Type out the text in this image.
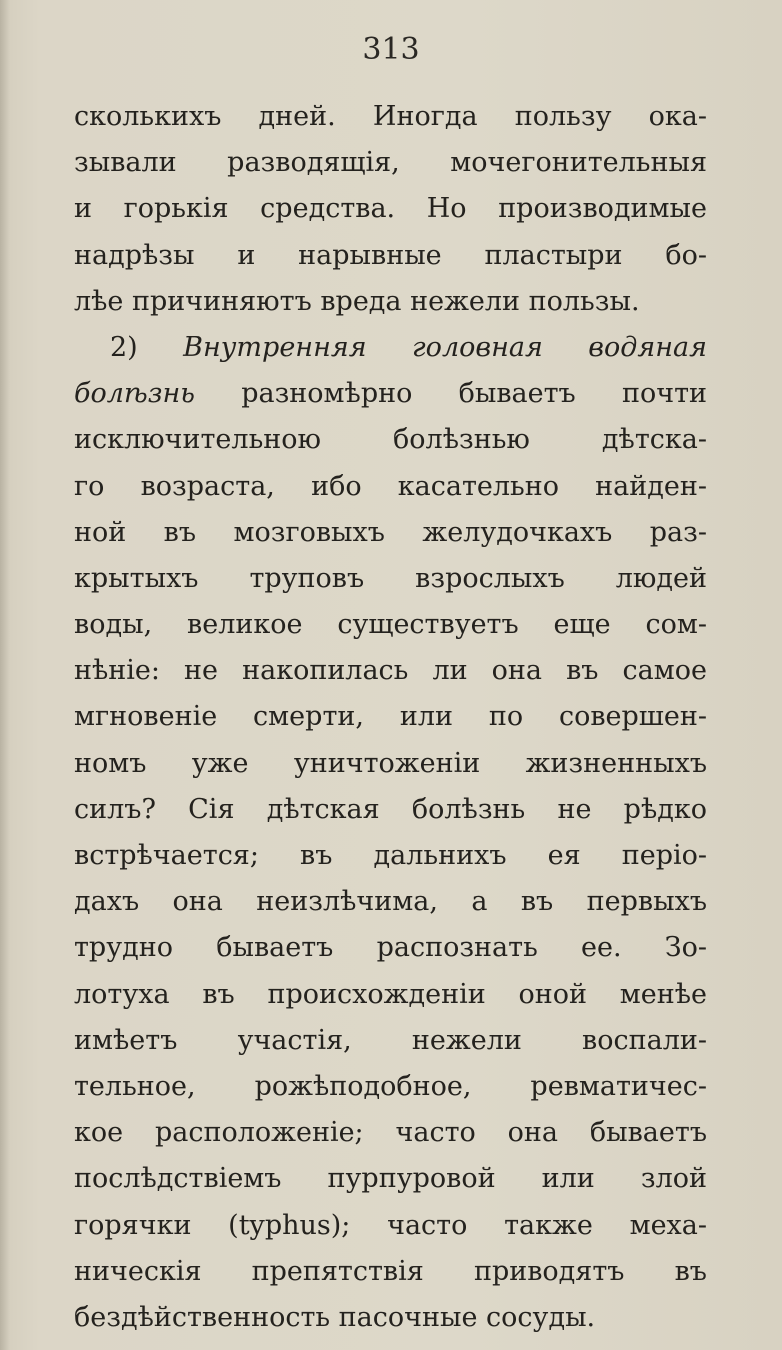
313
сколькихъ дней. Иногда пользу ока-
зывали разводящія, мочегонительныя
и горькія средства. Но производимые
надрѣзы и нарывные пластыри бо-
лѣе причиняютъ вреда нежели пользы.
2) Внутренняя головная водяная
болѣзнь разномѣрно бываетъ почти
исключительною болѣзнью дѣтска-
го возраста, ибо касательно найден-
ной въ мозговыхъ желудочкахъ раз-
крытыхъ труповъ взрослыхъ людей
воды, великое существуетъ еще сом-
нѣніе: не накопилась ли она въ самое
мгновеніе смерти, или по совершен-
номъ уже уничтоженіи жизненныхъ
силъ? Сія дѣтская болѣзнь не рѣдко
встрѣчается; въ дальнихъ ея періо-
дахъ она неизлѣчима, а въ первыхъ
трудно бываетъ распознать ее. Зо-
лотуха въ происхожденіи оной менѣе
имѣетъ участія, нежели воспали-
тельное, рожѣподобное, ревматичес-
кое расположеніе; часто она бываетъ
послѣдствіемъ пурпуровой или злой
горячки (typhus); часто также меха-
ническія препятствія приводятъ въ
бездѣйственность пасочные сосуды.
